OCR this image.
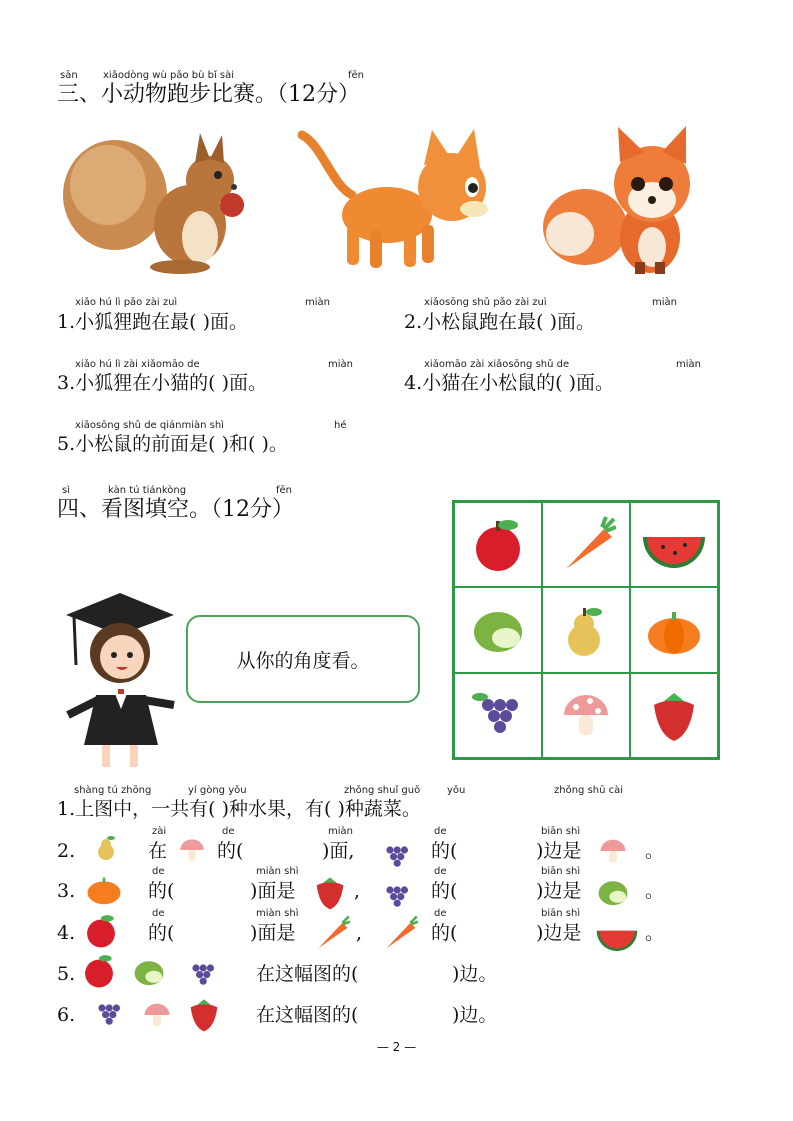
sān	xiǎodòng wù pǎo bù bǐ sài	fēn
三、小动物跑步比赛。（12分）
xiǎo hú lì pǎo zài zuì	miàn
1.小狐狸跑在最( )面。
xiǎosōng shǔ pǎo zài zuì	miàn
2.小松鼠跑在最( )面。
xiǎo hú lì zài xiǎomāo de	miàn
3.小狐狸在小猫的( )面。
xiǎomāo zài xiǎosōng shǔ de	miàn
4.小猫在小松鼠的( )面。
xiǎosōng shǔ de qiánmiàn shì	hé
5.小松鼠的前面是( )和( )。
sì	kàn tú tiánkòng	fēn
四、看图填空。（12分）
从你的角度看。
shàng tú zhōng	yí gòng yǒu	zhǒng shuǐ guǒ	yǒu	zhǒng shū cài
1.上图中，一共有( )种水果，有( )种蔬菜。
zài	de	miàn	de	biān shì
2.	在	的(	)面,	的(	)边是	。
de	miàn shì	de	biān shì
3.	的(	)面是	,	的(	)边是	。
de	miàn shì	de	biān shì
4.	的(	)面是	,	的(	)边是	。
5.	在这幅图的(	)边。
6.	在这幅图的(	)边。
— 2 —
